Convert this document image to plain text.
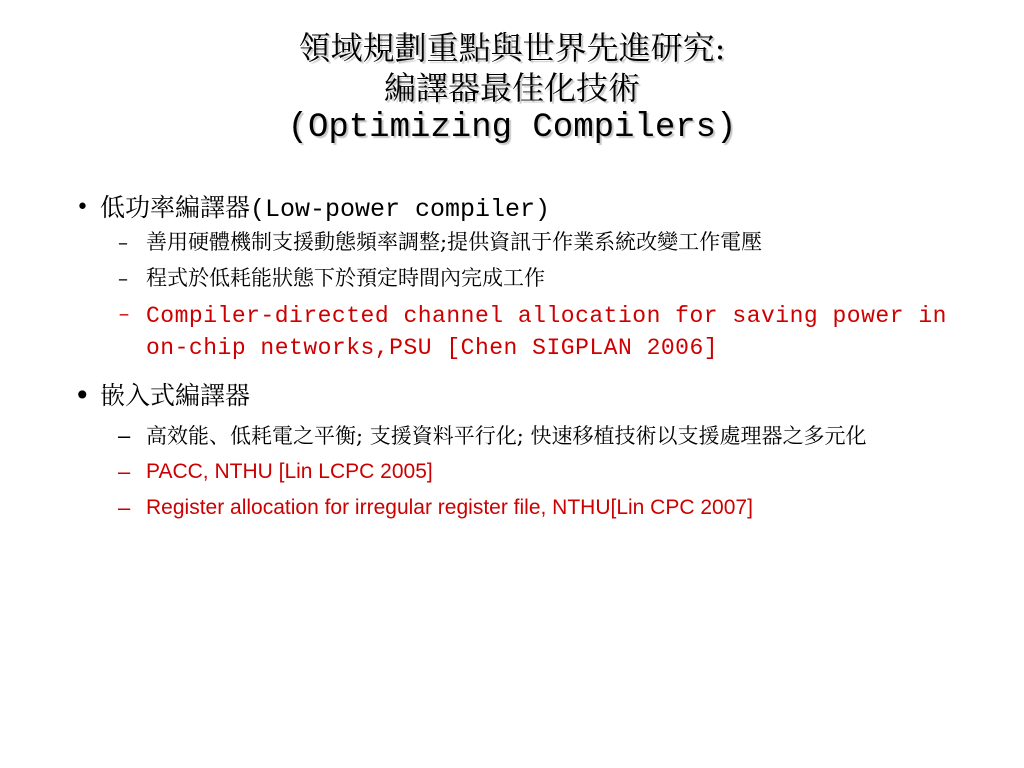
領域規劃重點與世界先進研究:
編譯器最佳化技術
(Optimizing Compilers)
• 低功率編譯器(Low-power compiler)
– 善用硬體機制支援動態頻率調整;提供資訊于作業系統改變工作電壓
– 程式於低耗能狀態下於預定時間內完成工作
– Compiler-directed channel allocation for saving power in on-chip networks,PSU [Chen SIGPLAN 2006]
• 嵌入式編譯器
– 高效能、低耗電之平衡; 支援資料平行化; 快速移植技術以支援處理器之多元化
– PACC, NTHU [Lin LCPC 2005]
– Register allocation for irregular register file, NTHU[Lin CPC 2007]
